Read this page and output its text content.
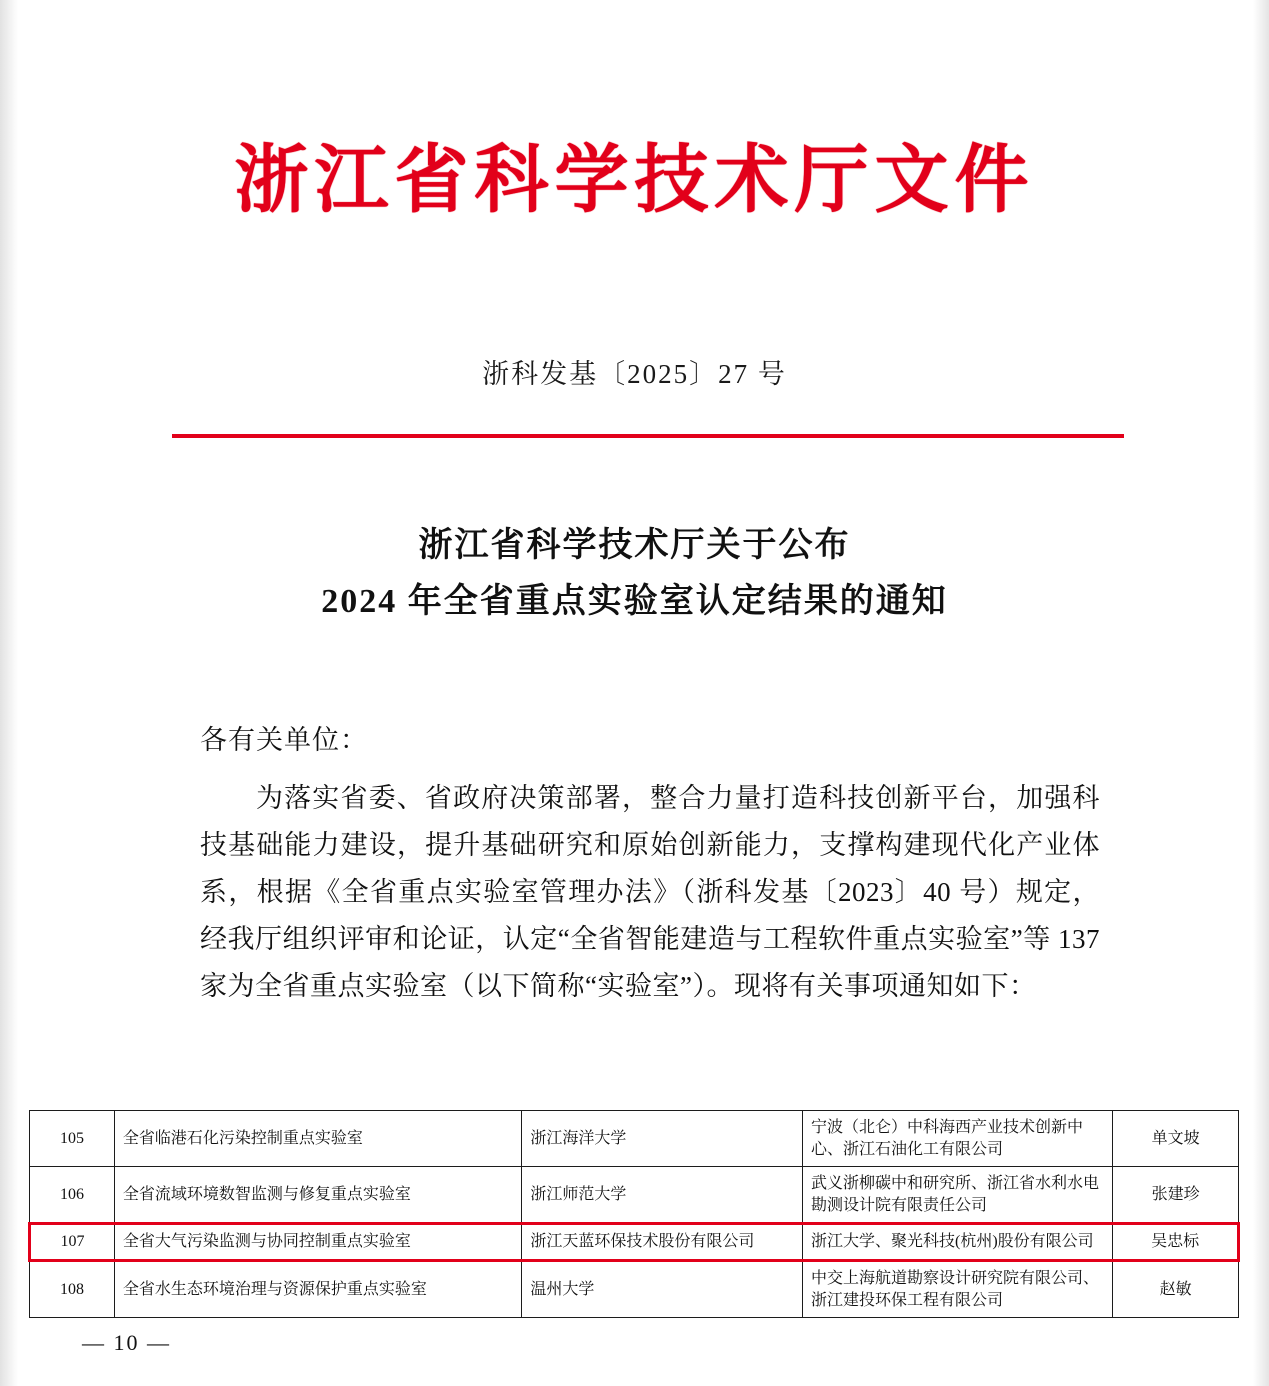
浙江省科学技术厅文件
浙科发基〔2025〕27 号
浙江省科学技术厅关于公布
2024 年全省重点实验室认定结果的通知
各有关单位：
为落实省委、省政府决策部署，整合力量打造科技创新平台，加强科技基础能力建设，提升基础研究和原始创新能力，支撑构建现代化产业体系，根据《全省重点实验室管理办法》（浙科发基〔2023〕40 号）规定，经我厅组织评审和论证，认定“全省智能建造与工程软件重点实验室”等 137 家为全省重点实验室（以下简称“实验室”）。现将有关事项通知如下：
105	全省临港石化污染控制重点实验室	浙江海洋大学	宁波（北仑）中科海西产业技术创新中心、浙江石油化工有限公司	单文坡
106	全省流域环境数智监测与修复重点实验室	浙江师范大学	武义浙柳碳中和研究所、浙江省水利水电勘测设计院有限责任公司	张建珍
107	全省大气污染监测与协同控制重点实验室	浙江天蓝环保技术股份有限公司	浙江大学、聚光科技(杭州)股份有限公司	吴忠标
108	全省水生态环境治理与资源保护重点实验室	温州大学	中交上海航道勘察设计研究院有限公司、浙江建投环保工程有限公司	赵敏
— 10 —
